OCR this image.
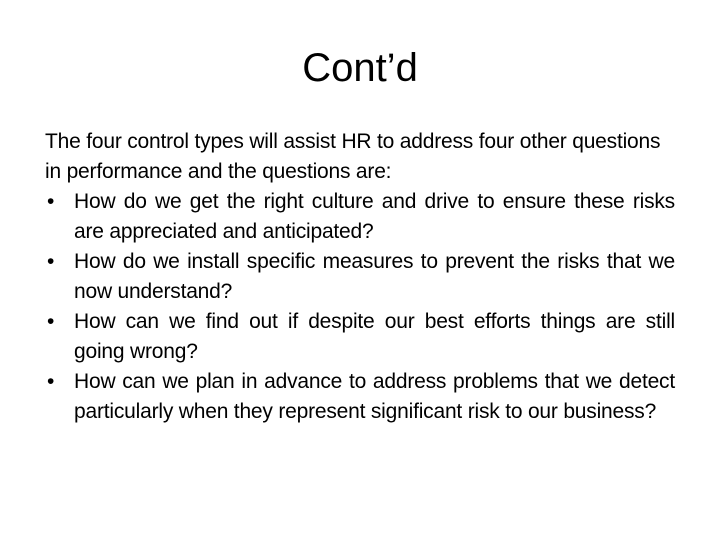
Cont’d

The four control types will assist HR to address four other questions in performance and the questions are:

• How do we get the right culture and drive to ensure these risks are appreciated and anticipated?
• How do we install specific measures to prevent the risks that we now understand?
• How can we find out if despite our best efforts things are still going wrong?
• How can we plan in advance to address problems that we detect particularly when they represent significant risk to our business?
